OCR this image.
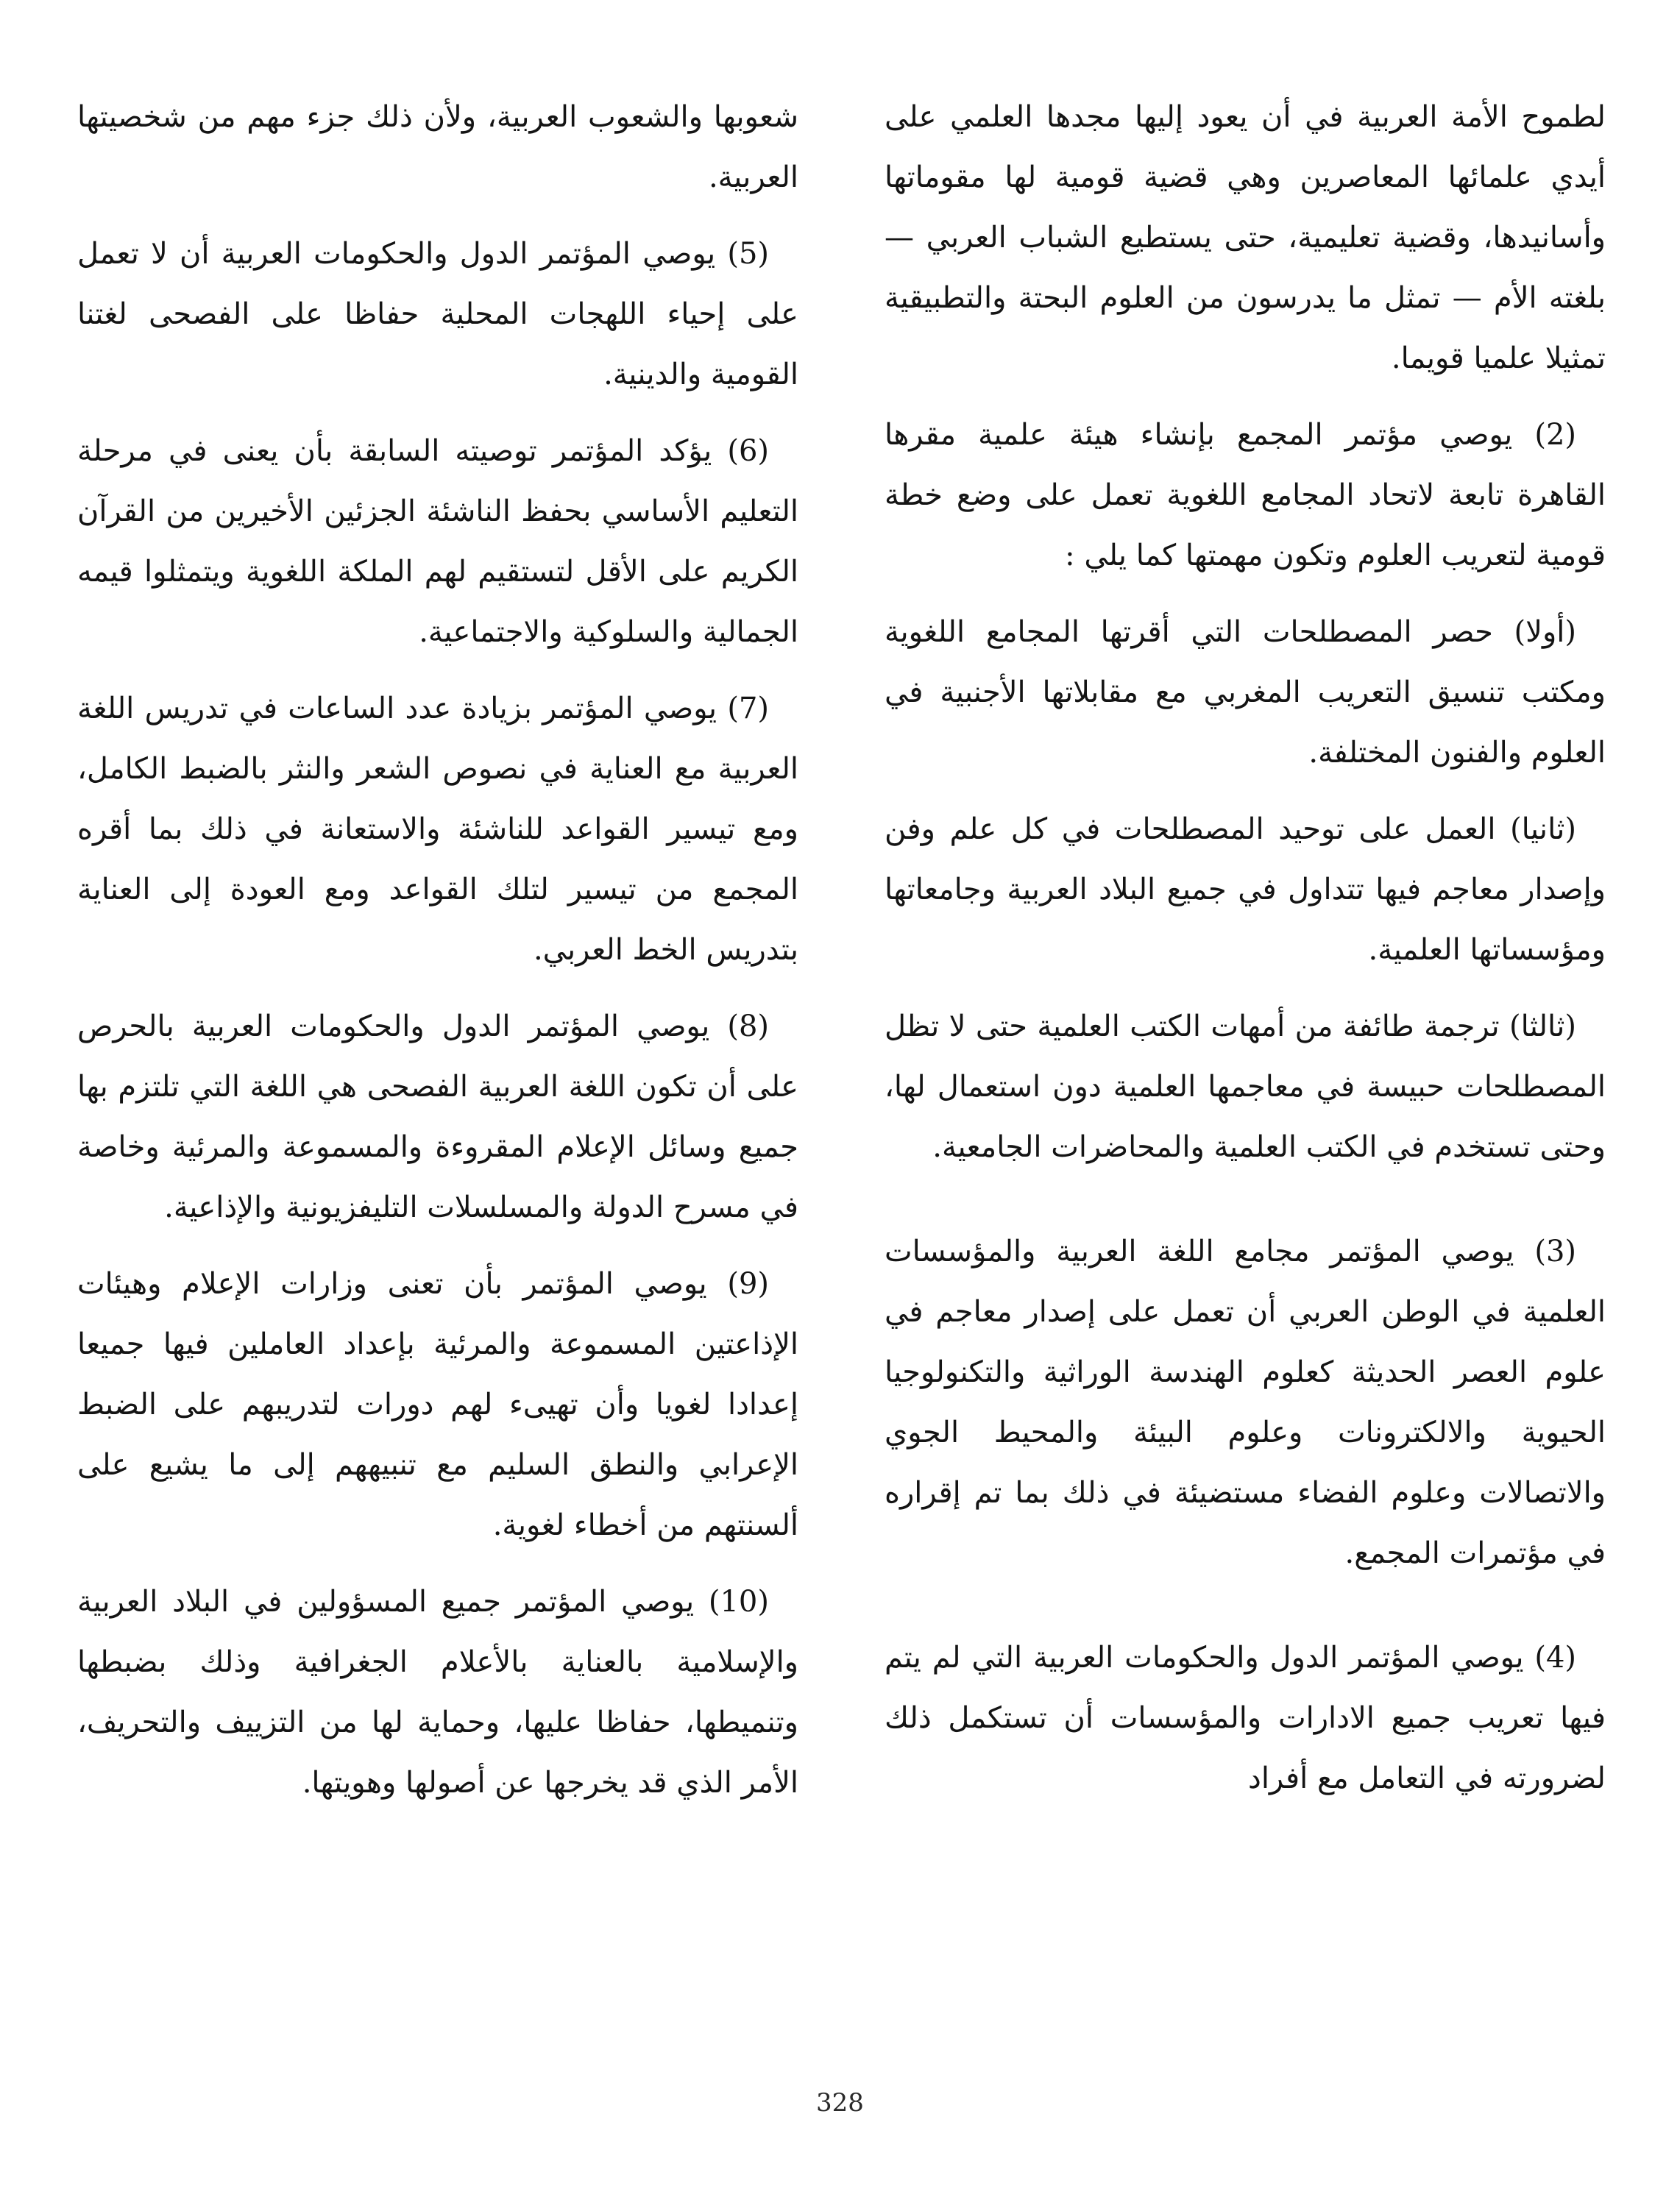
لطموح الأمة العربية في أن يعود إليها مجدها العلمي على أيدي علمائها المعاصرين وهي قضية قومية لها مقوماتها وأسانيدها، وقضية تعليمية، حتى يستطيع الشباب العربي — بلغته الأم — تمثل ما يدرسون من العلوم البحتة والتطبيقية تمثيلا علميا قويما.

(2) يوصي مؤتمر المجمع بإنشاء هيئة علمية مقرها القاهرة تابعة لاتحاد المجامع اللغوية تعمل على وضع خطة قومية لتعريب العلوم وتكون مهمتها كما يلي :

(أولا) حصر المصطلحات التي أقرتها المجامع اللغوية ومكتب تنسيق التعريب المغربي مع مقابلاتها الأجنبية في العلوم والفنون المختلفة.

(ثانيا) العمل على توحيد المصطلحات في كل علم وفن وإصدار معاجم فيها تتداول في جميع البلاد العربية وجامعاتها ومؤسساتها العلمية.

(ثالثا) ترجمة طائفة من أمهات الكتب العلمية حتى لا تظل المصطلحات حبيسة في معاجمها العلمية دون استعمال لها، وحتى تستخدم في الكتب العلمية والمحاضرات الجامعية.

(3) يوصي المؤتمر مجامع اللغة العربية والمؤسسات العلمية في الوطن العربي أن تعمل على إصدار معاجم في علوم العصر الحديثة كعلوم الهندسة الوراثية والتكنولوجيا الحيوية والالكترونات وعلوم البيئة والمحيط الجوي والاتصالات وعلوم الفضاء مستضيئة في ذلك بما تم إقراره في مؤتمرات المجمع.

(4) يوصي المؤتمر الدول والحكومات العربية التي لم يتم فيها تعريب جميع الادارات والمؤسسات أن تستكمل ذلك لضرورته في التعامل مع أفراد

شعوبها والشعوب العربية، ولأن ذلك جزء مهم من شخصيتها العربية.

(5) يوصي المؤتمر الدول والحكومات العربية أن لا تعمل على إحياء اللهجات المحلية حفاظا على الفصحى لغتنا القومية والدينية.

(6) يؤكد المؤتمر توصيته السابقة بأن يعنى في مرحلة التعليم الأساسي بحفظ الناشئة الجزئين الأخيرين من القرآن الكريم على الأقل لتستقيم لهم الملكة اللغوية ويتمثلوا قيمه الجمالية والسلوكية والاجتماعية.

(7) يوصي المؤتمر بزيادة عدد الساعات في تدريس اللغة العربية مع العناية في نصوص الشعر والنثر بالضبط الكامل، ومع تيسير القواعد للناشئة والاستعانة في ذلك بما أقره المجمع من تيسير لتلك القواعد ومع العودة إلى العناية بتدريس الخط العربي.

(8) يوصي المؤتمر الدول والحكومات العربية بالحرص على أن تكون اللغة العربية الفصحى هي اللغة التي تلتزم بها جميع وسائل الإعلام المقروءة والمسموعة والمرئية وخاصة في مسرح الدولة والمسلسلات التليفزيونية والإذاعية.

(9) يوصي المؤتمر بأن تعنى وزارات الإعلام وهيئات الإذاعتين المسموعة والمرئية بإعداد العاملين فيها جميعا إعدادا لغويا وأن تهيىء لهم دورات لتدريبهم على الضبط الإعرابي والنطق السليم مع تنبيههم إلى ما يشيع على ألسنتهم من أخطاء لغوية.

(10) يوصي المؤتمر جميع المسؤولين في البلاد العربية والإسلامية بالعناية بالأعلام الجغرافية وذلك بضبطها وتنميطها، حفاظا عليها، وحماية لها من التزييف والتحريف، الأمر الذي قد يخرجها عن أصولها وهويتها.

328
